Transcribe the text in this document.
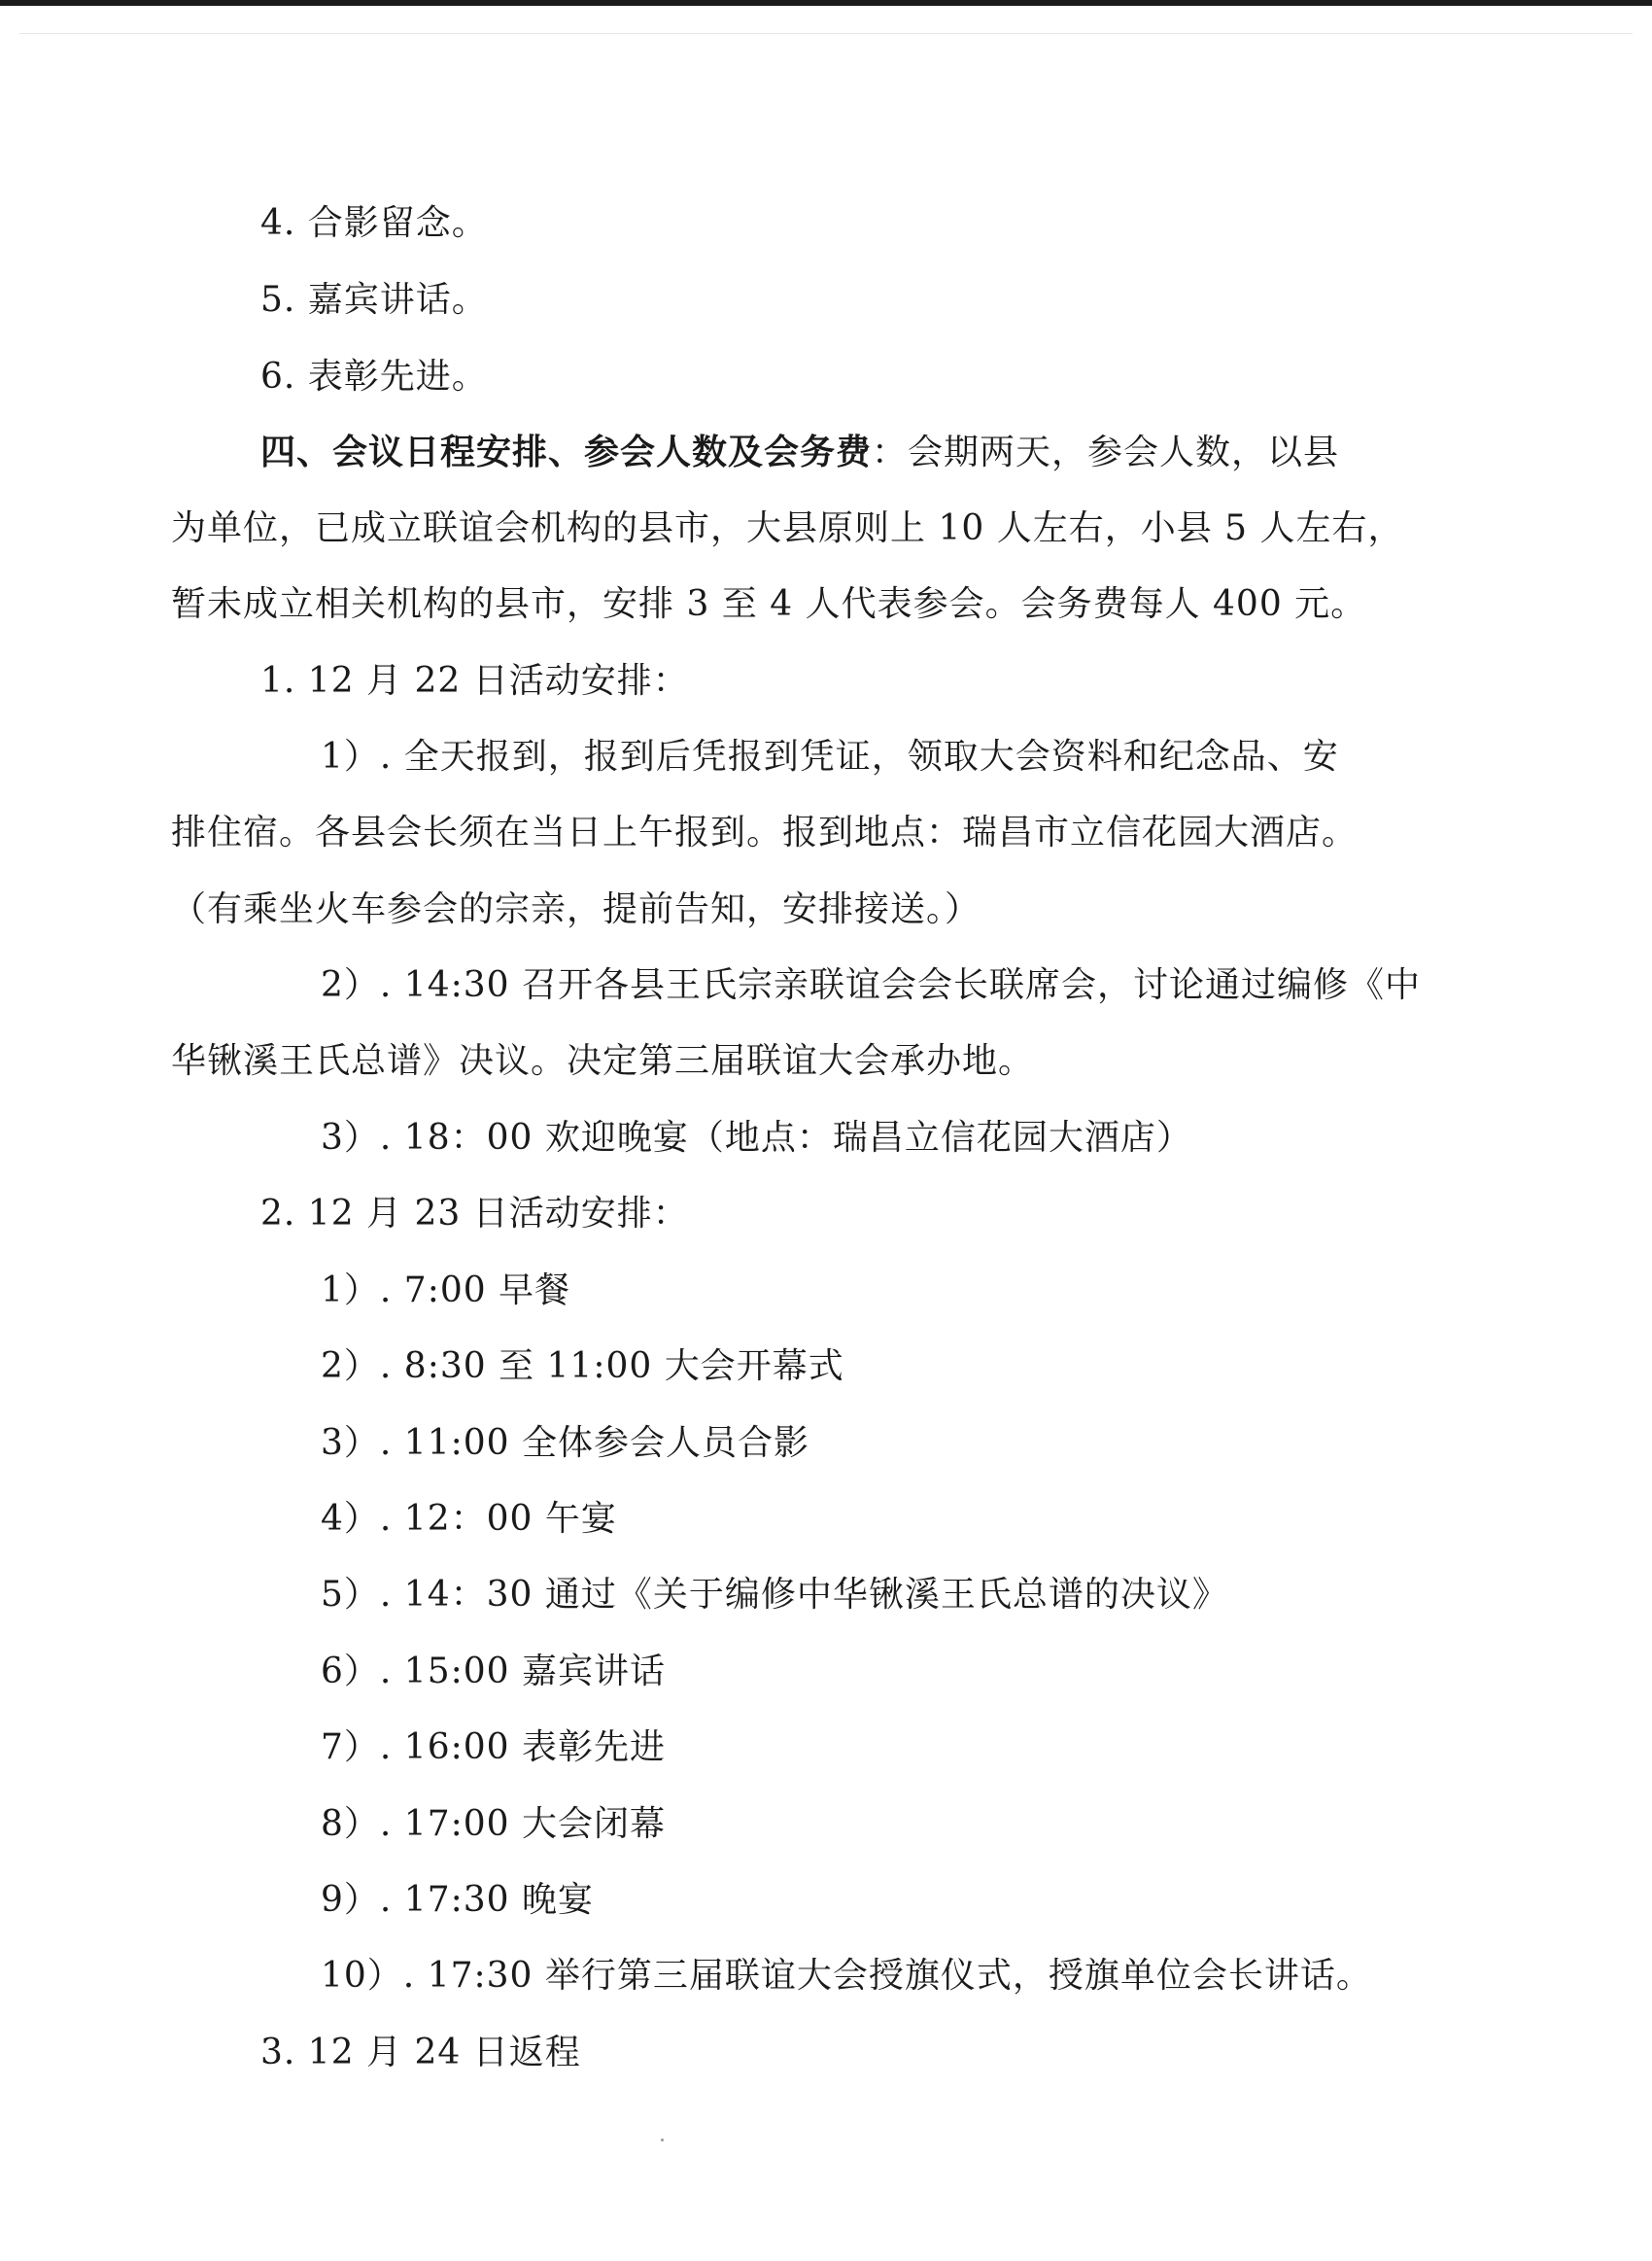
4. 合影留念。
5. 嘉宾讲话。
6. 表彰先进。
四、会议日程安排、参会人数及会务费：会期两天，参会人数，以县
为单位，已成立联谊会机构的县市，大县原则上 10 人左右，小县 5 人左右，
暂未成立相关机构的县市，安排 3 至 4 人代表参会。会务费每人 400 元。
1. 12 月 22 日活动安排：
1）. 全天报到，报到后凭报到凭证，领取大会资料和纪念品、安
排住宿。各县会长须在当日上午报到。报到地点：瑞昌市立信花园大酒店。
（有乘坐火车参会的宗亲，提前告知，安排接送。）
2）. 14:30 召开各县王氏宗亲联谊会会长联席会，讨论通过编修《中
华锹溪王氏总谱》决议。决定第三届联谊大会承办地。
3）. 18：00 欢迎晚宴（地点：瑞昌立信花园大酒店）
2. 12 月 23 日活动安排：
1）. 7:00 早餐
2）. 8:30 至 11:00 大会开幕式
3）. 11:00 全体参会人员合影
4）. 12：00 午宴
5）. 14：30 通过《关于编修中华锹溪王氏总谱的决议》
6）. 15:00 嘉宾讲话
7）. 16:00 表彰先进
8）. 17:00 大会闭幕
9）. 17:30 晚宴
10）. 17:30 举行第三届联谊大会授旗仪式，授旗单位会长讲话。
3. 12 月 24 日返程
